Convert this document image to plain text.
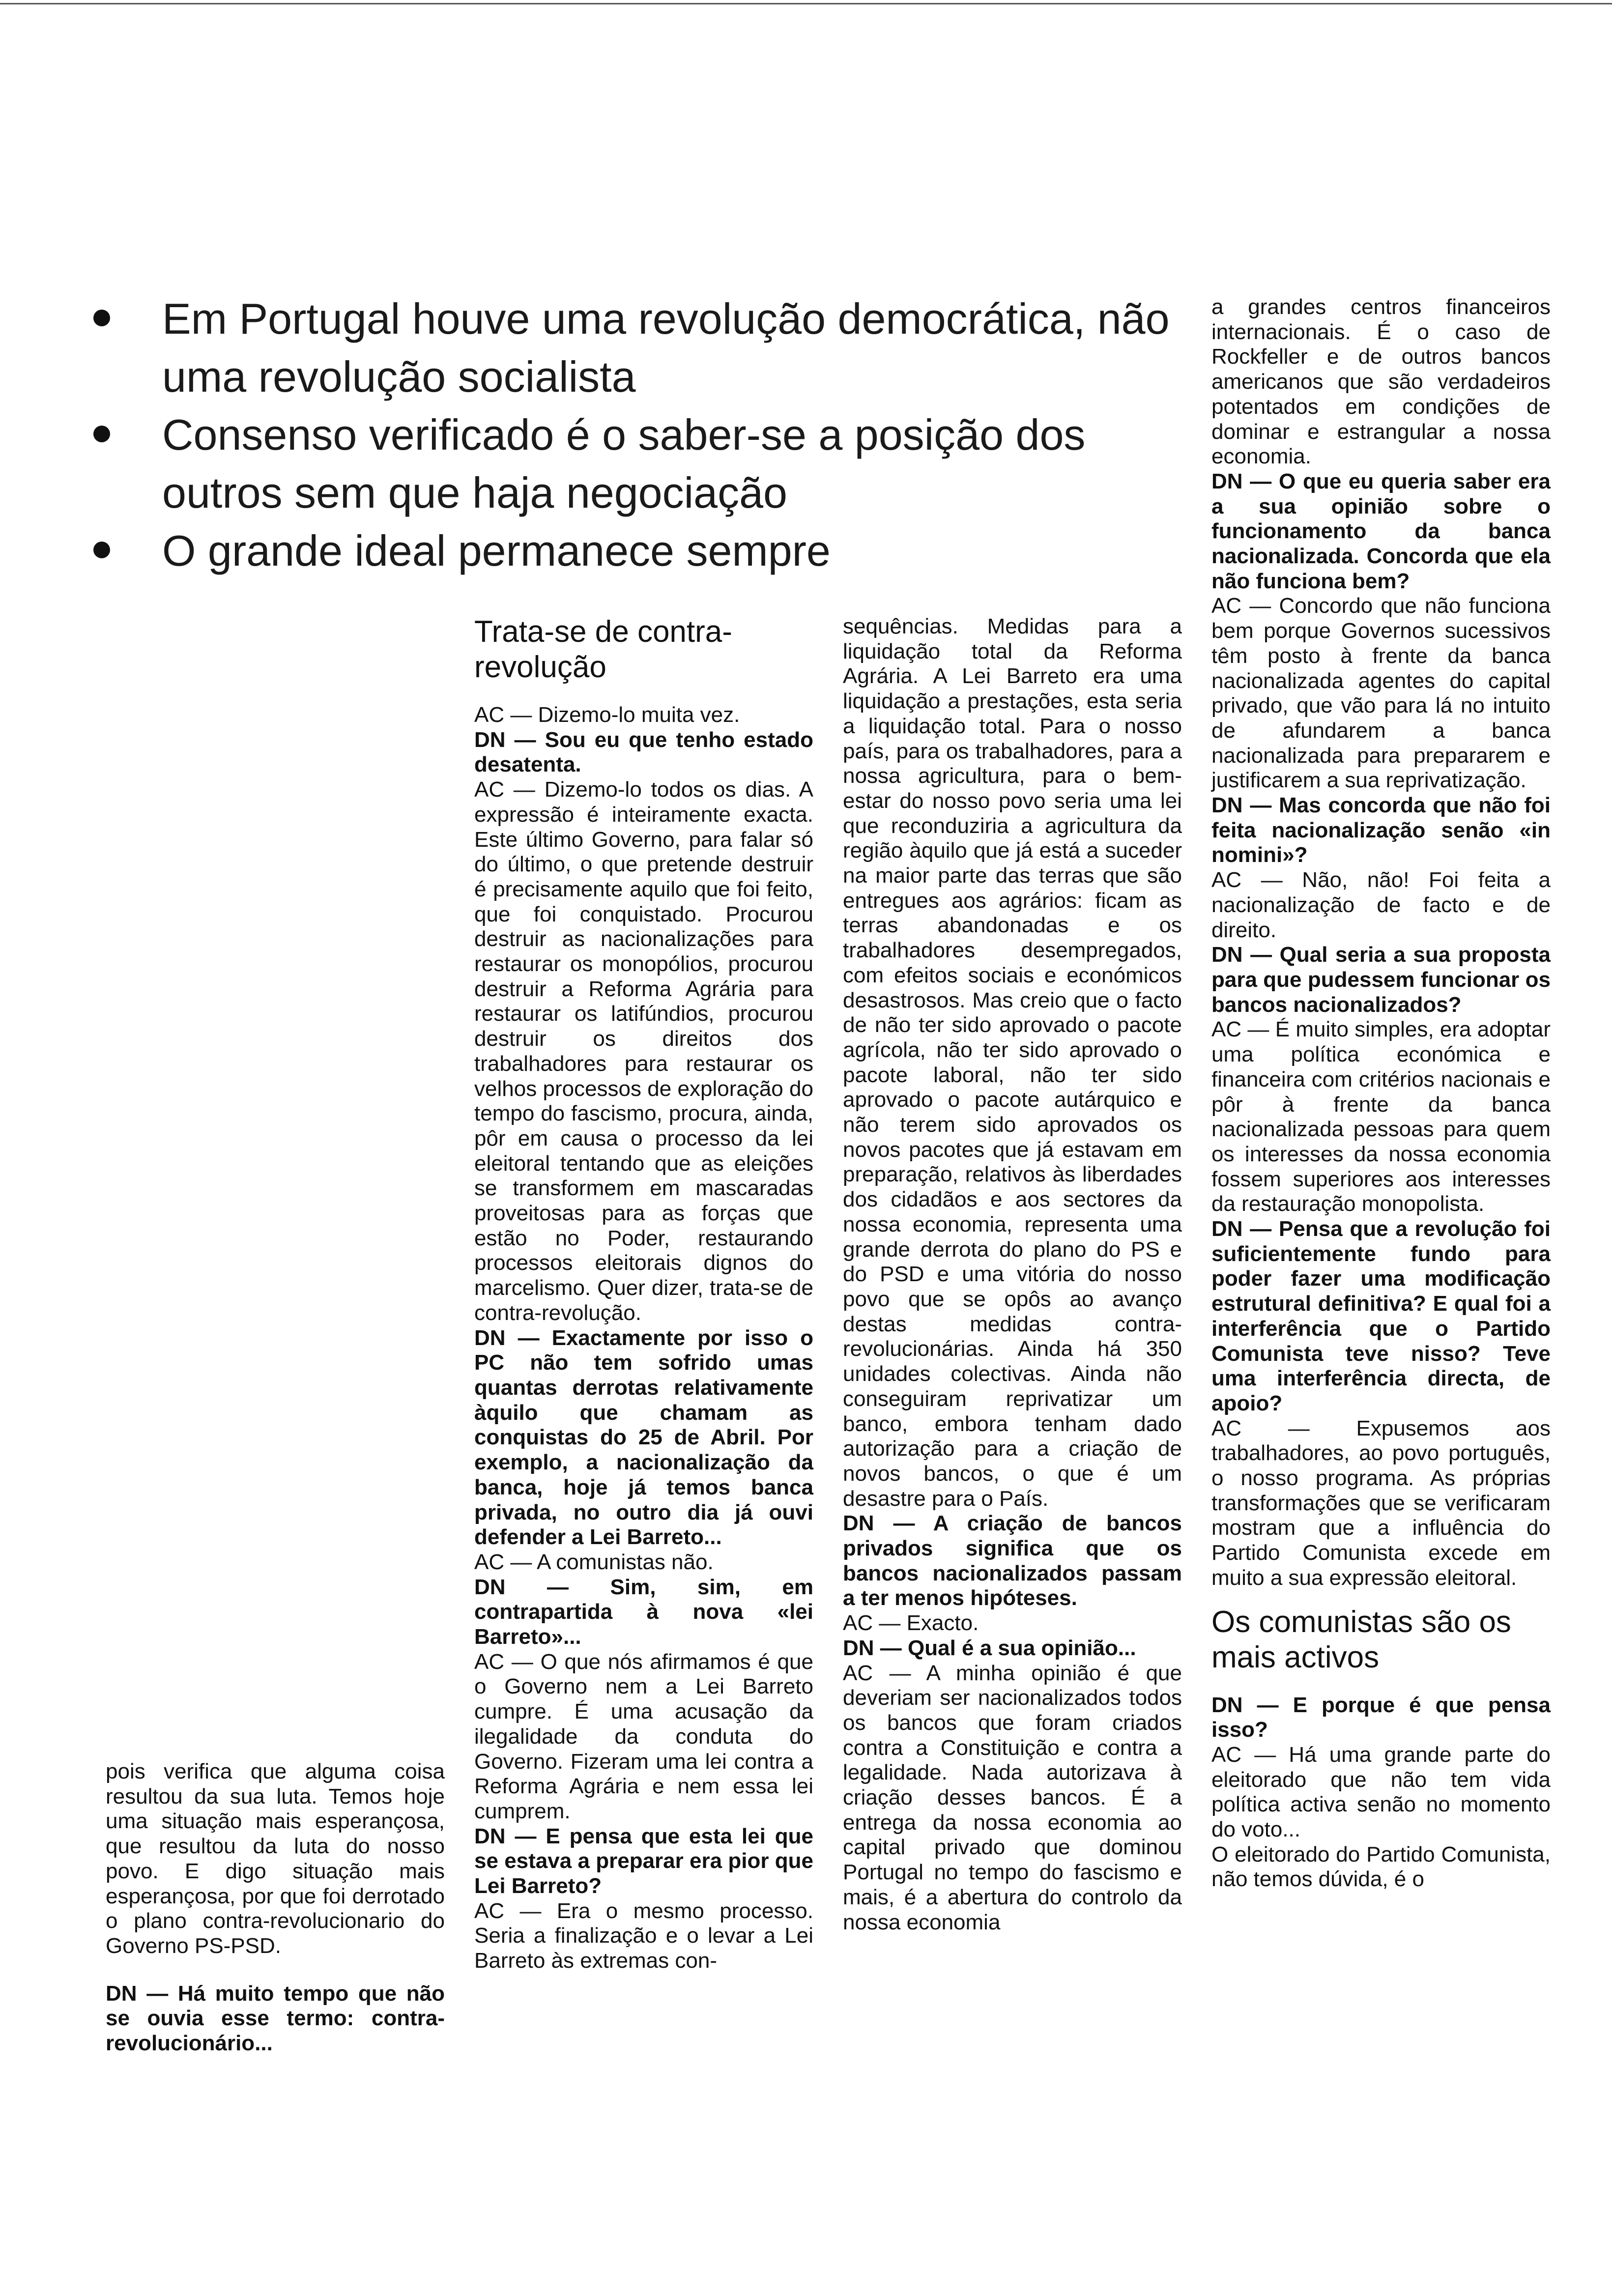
Em Portugal houve uma revolução democrática, não uma revolução socialista
Consenso verificado é o saber-se a posição dos outros sem que haja negociação
O grande ideal permanece sempre

pois verifica que alguma coisa resultou da sua luta. Temos hoje uma situação mais esperançosa, que resultou da luta do nosso povo. E digo situação mais esperançosa, por que foi derrotado o plano contra-revolucionario do Governo PS-PSD.

DN — Há muito tempo que não se ouvia esse termo: contra-revolucionário...

Trata-se de contra-revolução

AC — Dizemo-lo muita vez.

DN — Sou eu que tenho estado desatenta.

AC — Dizemo-lo todos os dias. A expressão é inteiramente exacta. Este último Governo, para falar só do último, o que pretende destruir é precisamente aquilo que foi feito, que foi conquistado. Procurou destruir as nacionalizações para restaurar os monopólios, procurou destruir a Reforma Agrária para restaurar os latifúndios, procurou destruir os direitos dos trabalhadores para restaurar os velhos processos de exploração do tempo do fascismo, procura, ainda, pôr em causa o processo da lei eleitoral tentando que as eleições se transformem em mascaradas proveitosas para as forças que estão no Poder, restaurando processos eleitorais dignos do marcelismo. Quer dizer, trata-se de contra-revolução.

DN — Exactamente por isso o PC não tem sofrido umas quantas derrotas relativamente àquilo que chamam as conquistas do 25 de Abril. Por exemplo, a nacionalização da banca, hoje já temos banca privada, no outro dia já ouvi defender a Lei Barreto...

AC — A comunistas não.

DN — Sim, sim, em contrapartida à nova «lei Barreto»...

AC — O que nós afirmamos é que o Governo nem a Lei Barreto cumpre. É uma acusação da ilegalidade da conduta do Governo. Fizeram uma lei contra a Reforma Agrária e nem essa lei cumprem.

DN — E pensa que esta lei que se estava a preparar era pior que Lei Barreto?

AC — Era o mesmo processo. Seria a finalização e o levar a Lei Barreto às extremas con-

sequências. Medidas para a liquidação total da Reforma Agrária. A Lei Barreto era uma liquidação a prestações, esta seria a liquidação total. Para o nosso país, para os trabalhadores, para a nossa agricultura, para o bem-estar do nosso povo seria uma lei que reconduziria a agricultura da região àquilo que já está a suceder na maior parte das terras que são entregues aos agrários: ficam as terras abandonadas e os trabalhadores desempregados, com efeitos sociais e económicos desastrosos. Mas creio que o facto de não ter sido aprovado o pacote agrícola, não ter sido aprovado o pacote laboral, não ter sido aprovado o pacote autárquico e não terem sido aprovados os novos pacotes que já estavam em preparação, relativos às liberdades dos cidadãos e aos sectores da nossa economia, representa uma grande derrota do plano do PS e do PSD e uma vitória do nosso povo que se opôs ao avanço destas medidas contra-revolucionárias. Ainda há 350 unidades colectivas. Ainda não conseguiram reprivatizar um banco, embora tenham dado autorização para a criação de novos bancos, o que é um desastre para o País.

DN — A criação de bancos privados significa que os bancos nacionalizados passam a ter menos hipóteses.

AC — Exacto.

DN — Qual é a sua opinião...

AC — A minha opinião é que deveriam ser nacionalizados todos os bancos que foram criados contra a Constituição e contra a legalidade. Nada autorizava à criação desses bancos. É a entrega da nossa economia ao capital privado que dominou Portugal no tempo do fascismo e mais, é a abertura do controlo da nossa economia

a grandes centros financeiros internacionais. É o caso de Rockfeller e de outros bancos americanos que são verdadeiros potentados em condições de dominar e estrangular a nossa economia.

DN — O que eu queria saber era a sua opinião sobre o funcionamento da banca nacionalizada. Concorda que ela não funciona bem?

AC — Concordo que não funciona bem porque Governos sucessivos têm posto à frente da banca nacionalizada agentes do capital privado, que vão para lá no intuito de afundarem a banca nacionalizada para prepararem e justificarem a sua reprivatização.

DN — Mas concorda que não foi feita nacionalização senão «in nomini»?

AC — Não, não! Foi feita a nacionalização de facto e de direito.

DN — Qual seria a sua proposta para que pudessem funcionar os bancos nacionalizados?

AC — É muito simples, era adoptar uma política económica e financeira com critérios nacionais e pôr à frente da banca nacionalizada pessoas para quem os interesses da nossa economia fossem superiores aos interesses da restauração monopolista.

DN — Pensa que a revolução foi suficientemente fundo para poder fazer uma modificação estrutural definitiva? E qual foi a interferência que o Partido Comunista teve nisso? Teve uma interferência directa, de apoio?

AC — Expusemos aos trabalhadores, ao povo português, o nosso programa. As próprias transformações que se verificaram mostram que a influência do Partido Comunista excede em muito a sua expressão eleitoral.

Os comunistas são os mais activos

DN — E porque é que pensa isso?

AC — Há uma grande parte do eleitorado que não tem vida política activa senão no momento do voto...

O eleitorado do Partido Comunista, não temos dúvida, é o
